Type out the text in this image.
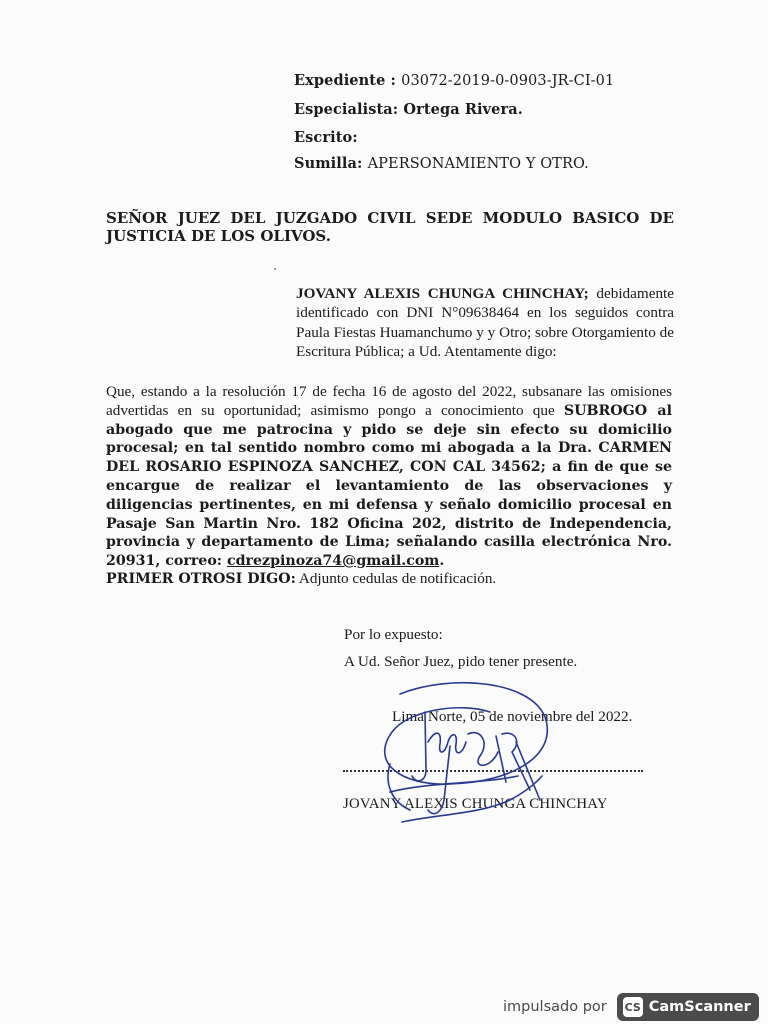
Expediente : 03072-2019-0-0903-JR-CI-01
Especialista: Ortega Rivera.
Escrito:
Sumilla: APERSONAMIENTO Y OTRO.
SEÑOR JUEZ DEL JUZGADO CIVIL SEDE MODULO BASICO DE JUSTICIA DE LOS OLIVOS.
JOVANY ALEXIS CHUNGA CHINCHAY; debidamente identificado con DNI N°09638464 en los seguidos contra Paula Fiestas Huamanchumo y y Otro; sobre Otorgamiento de Escritura Pública; a Ud. Atentamente digo:
Que, estando a la resolución 17 de fecha 16 de agosto del 2022, subsanare las omisiones advertidas en su oportunidad; asimismo pongo a conocimiento que SUBROGO al abogado que me patrocina y pido se deje sin efecto su domicilio procesal; en tal sentido nombro como mi abogada a la Dra. CARMEN DEL ROSARIO ESPINOZA SANCHEZ, CON CAL 34562; a fin de que se encargue de realizar el levantamiento de las observaciones y diligencias pertinentes, en mi defensa y señalo domicilio procesal en Pasaje San Martin Nro. 182 Oficina 202, distrito de Independencia, provincia y departamento de Lima; señalando casilla electrónica Nro. 20931, correo: cdrezpinoza74@gmail.com.
PRIMER OTROSI DIGO: Adjunto cedulas de notificación.
Por lo expuesto:
A Ud. Señor Juez, pido tener presente.
Lima Norte, 05 de noviembre del 2022.
JOVANY ALEXIS CHUNGA CHINCHAY
impulsado por CS CamScanner
